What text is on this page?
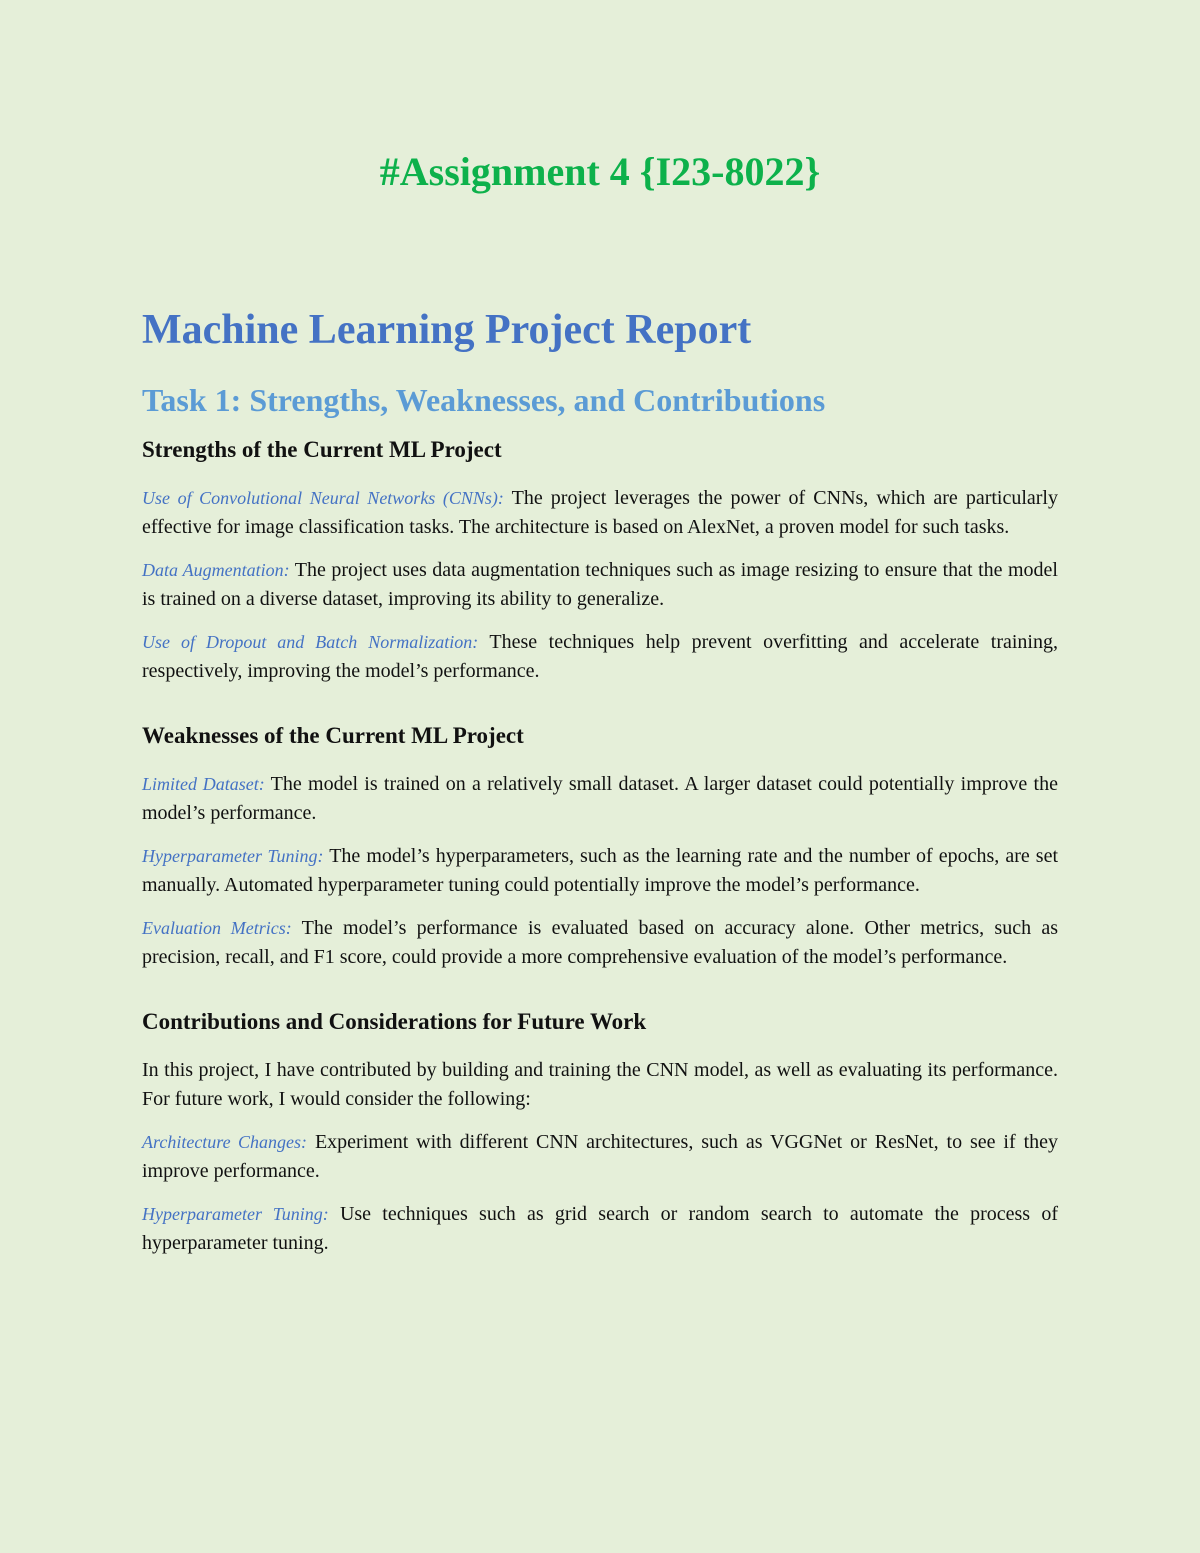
#Assignment 4 {I23-8022}
Machine Learning Project Report
Task 1: Strengths, Weaknesses, and Contributions
Strengths of the Current ML Project

Use of Convolutional Neural Networks (CNNs): The project leverages the power of CNNs, which are particularly effective for image classification tasks. The architecture is based on AlexNet, a proven model for such tasks.

Data Augmentation: The project uses data augmentation techniques such as image resizing to ensure that the model is trained on a diverse dataset, improving its ability to generalize.

Use of Dropout and Batch Normalization: These techniques help prevent overfitting and accelerate training, respectively, improving the model’s performance.

Weaknesses of the Current ML Project

Limited Dataset: The model is trained on a relatively small dataset. A larger dataset could potentially improve the model’s performance.

Hyperparameter Tuning: The model’s hyperparameters, such as the learning rate and the number of epochs, are set manually. Automated hyperparameter tuning could potentially improve the model’s performance.

Evaluation Metrics: The model’s performance is evaluated based on accuracy alone. Other metrics, such as precision, recall, and F1 score, could provide a more comprehensive evaluation of the model’s performance.

Contributions and Considerations for Future Work

In this project, I have contributed by building and training the CNN model, as well as evaluating its performance. For future work, I would consider the following:

Architecture Changes: Experiment with different CNN architectures, such as VGGNet or ResNet, to see if they improve performance.

Hyperparameter Tuning: Use techniques such as grid search or random search to automate the process of hyperparameter tuning.
